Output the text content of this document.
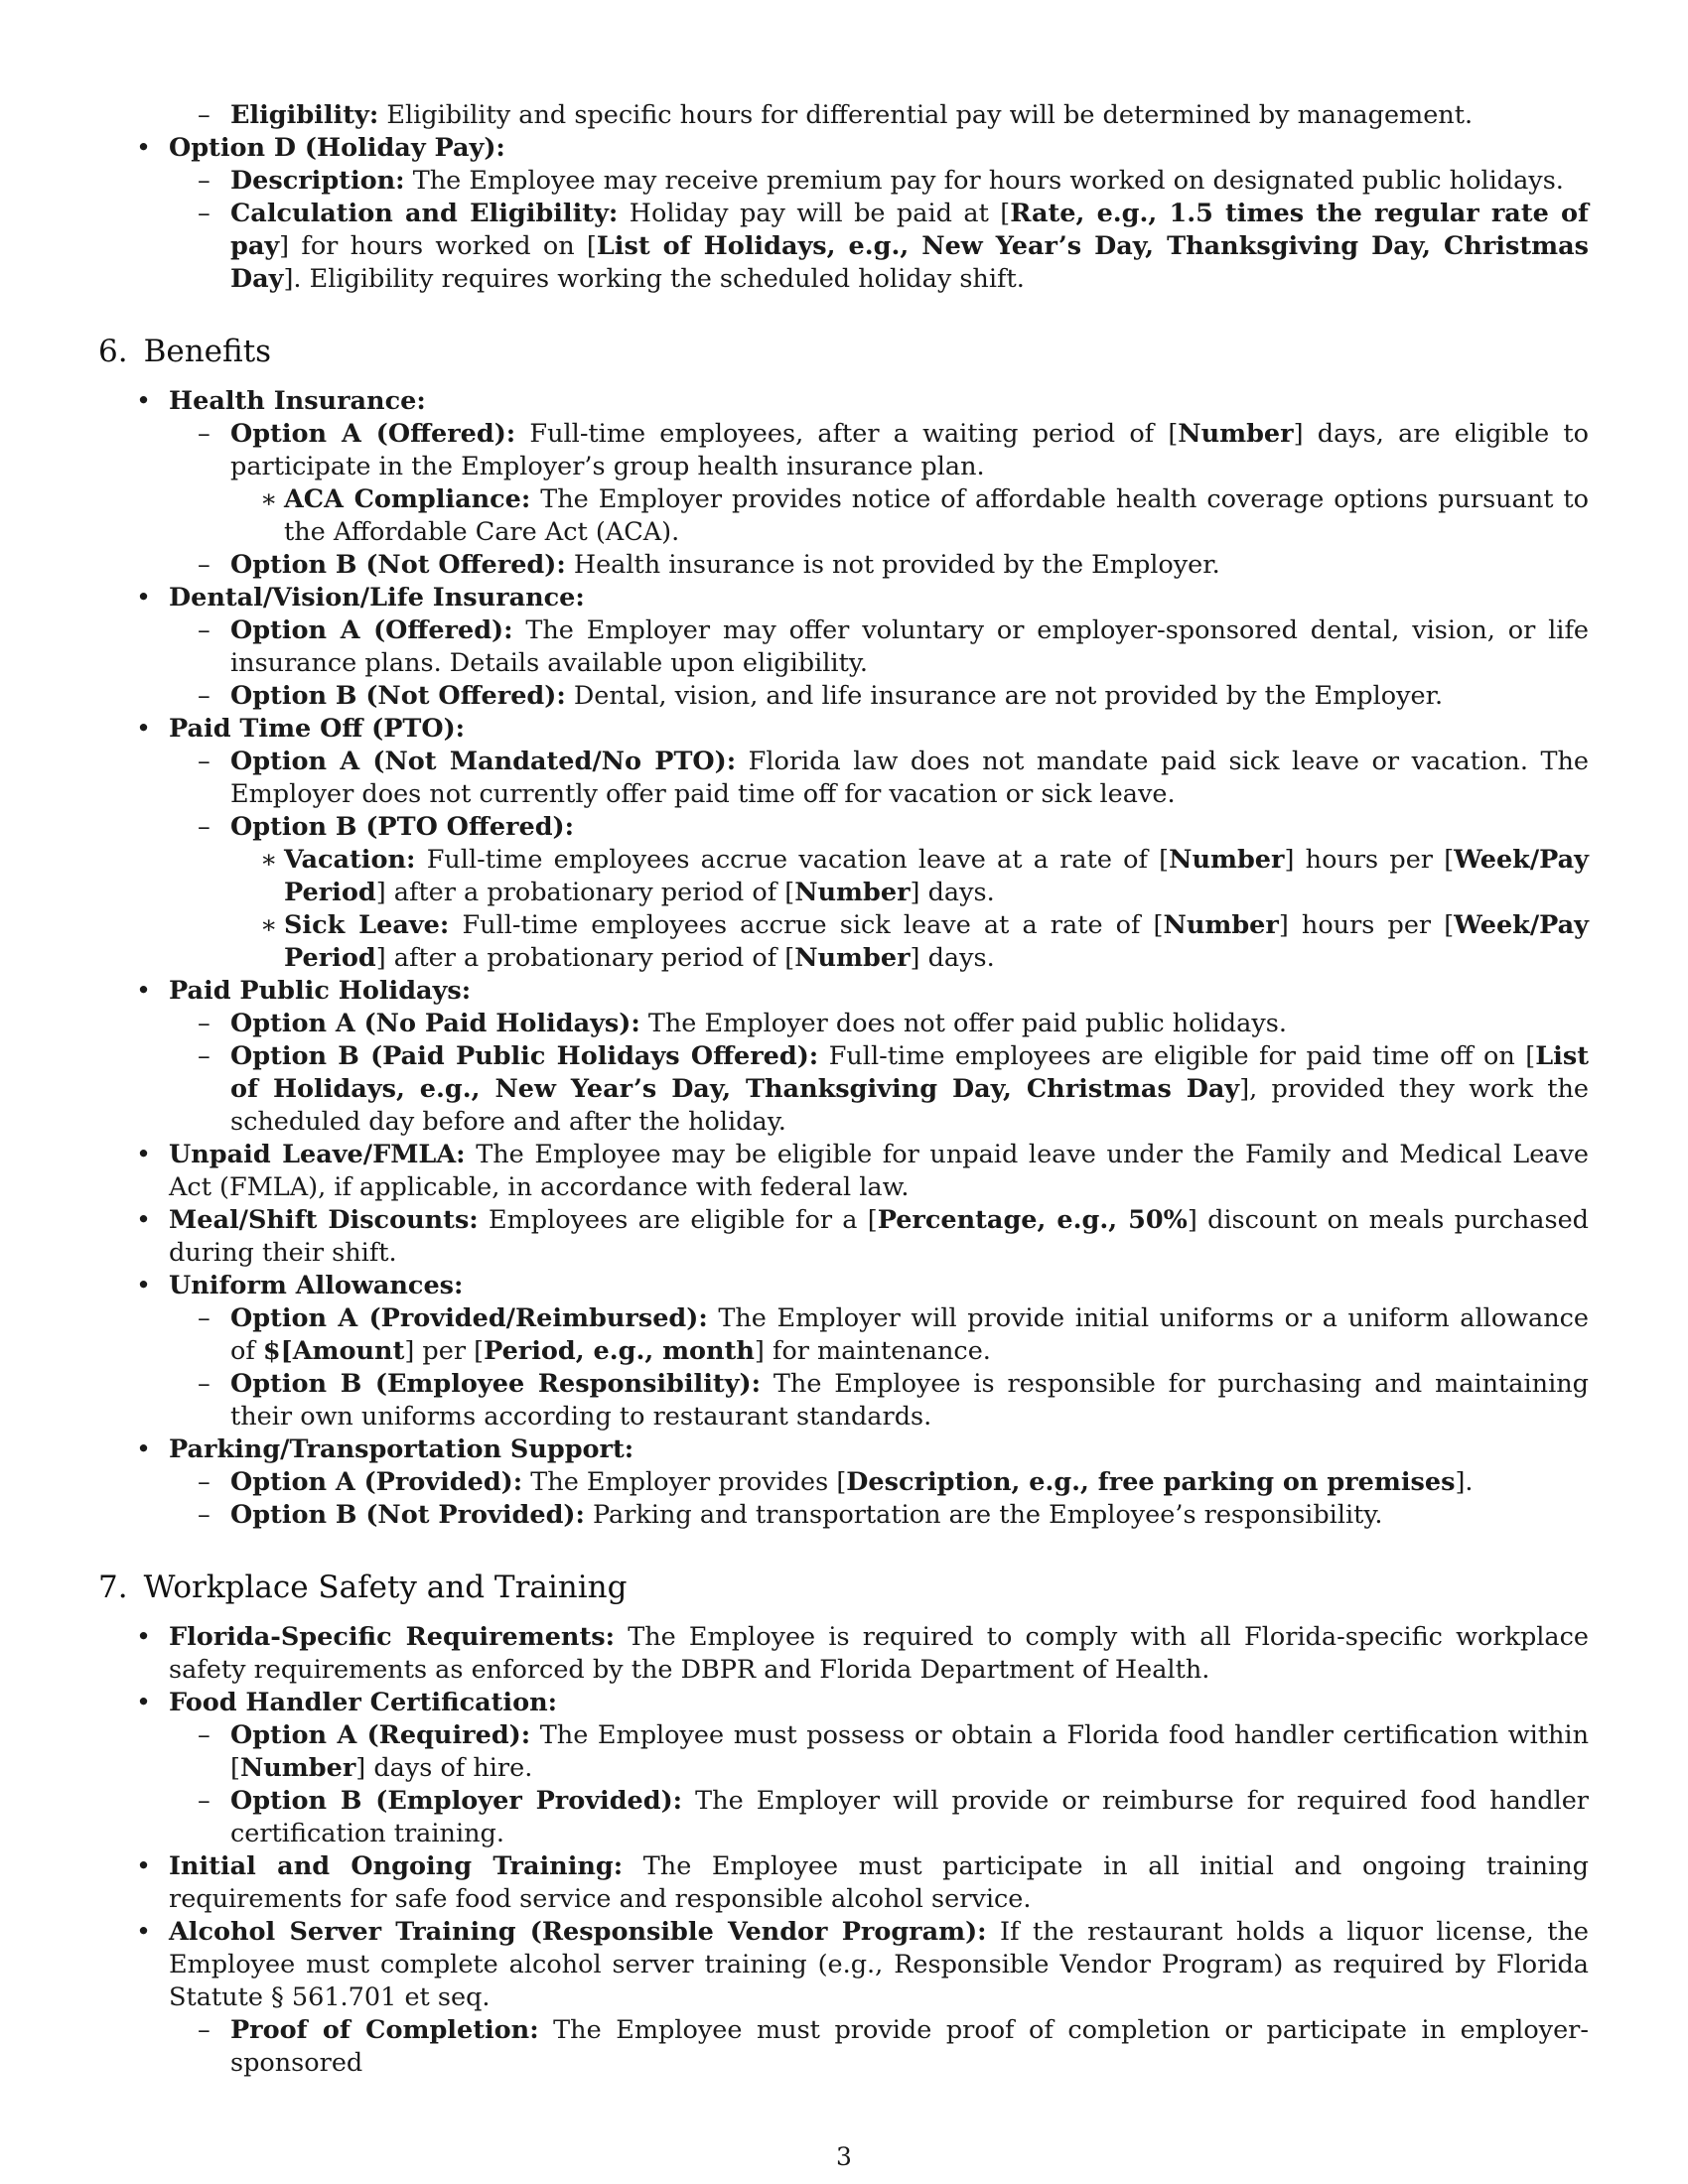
– Eligibility: Eligibility and specific hours for differential pay will be determined by management.
• Option D (Holiday Pay):
– Description: The Employee may receive premium pay for hours worked on designated public holidays.
– Calculation and Eligibility: Holiday pay will be paid at [Rate, e.g., 1.5 times the regular rate of pay] for hours worked on [List of Holidays, e.g., New Year’s Day, Thanksgiving Day, Christmas Day]. Eligibility requires working the scheduled holiday shift.
6. Benefits
• Health Insurance:
– Option A (Offered): Full-time employees, after a waiting period of [Number] days, are eligible to participate in the Employer’s group health insurance plan.
∗ ACA Compliance: The Employer provides notice of affordable health coverage options pursuant to the Affordable Care Act (ACA).
– Option B (Not Offered): Health insurance is not provided by the Employer.
• Dental/Vision/Life Insurance:
– Option A (Offered): The Employer may offer voluntary or employer-sponsored dental, vision, or life insurance plans. Details available upon eligibility.
– Option B (Not Offered): Dental, vision, and life insurance are not provided by the Employer.
• Paid Time Off (PTO):
– Option A (Not Mandated/No PTO): Florida law does not mandate paid sick leave or vacation. The Employer does not currently offer paid time off for vacation or sick leave.
– Option B (PTO Offered):
∗ Vacation: Full-time employees accrue vacation leave at a rate of [Number] hours per [Week/Pay Period] after a probationary period of [Number] days.
∗ Sick Leave: Full-time employees accrue sick leave at a rate of [Number] hours per [Week/Pay Period] after a probationary period of [Number] days.
• Paid Public Holidays:
– Option A (No Paid Holidays): The Employer does not offer paid public holidays.
– Option B (Paid Public Holidays Offered): Full-time employees are eligible for paid time off on [List of Holidays, e.g., New Year’s Day, Thanksgiving Day, Christmas Day], provided they work the scheduled day before and after the holiday.
• Unpaid Leave/FMLA: The Employee may be eligible for unpaid leave under the Family and Medical Leave Act (FMLA), if applicable, in accordance with federal law.
• Meal/Shift Discounts: Employees are eligible for a [Percentage, e.g., 50%] discount on meals purchased during their shift.
• Uniform Allowances:
– Option A (Provided/Reimbursed): The Employer will provide initial uniforms or a uniform allowance of $[Amount] per [Period, e.g., month] for maintenance.
– Option B (Employee Responsibility): The Employee is responsible for purchasing and maintaining their own uniforms according to restaurant standards.
• Parking/Transportation Support:
– Option A (Provided): The Employer provides [Description, e.g., free parking on premises].
– Option B (Not Provided): Parking and transportation are the Employee’s responsibility.
7. Workplace Safety and Training
• Florida-Specific Requirements: The Employee is required to comply with all Florida-specific workplace safety requirements as enforced by the DBPR and Florida Department of Health.
• Food Handler Certification:
– Option A (Required): The Employee must possess or obtain a Florida food handler certification within [Number] days of hire.
– Option B (Employer Provided): The Employer will provide or reimburse for required food handler certification training.
• Initial and Ongoing Training: The Employee must participate in all initial and ongoing training requirements for safe food service and responsible alcohol service.
• Alcohol Server Training (Responsible Vendor Program): If the restaurant holds a liquor license, the Employee must complete alcohol server training (e.g., Responsible Vendor Program) as required by Florida Statute § 561.701 et seq.
– Proof of Completion: The Employee must provide proof of completion or participate in employer-sponsored
3
